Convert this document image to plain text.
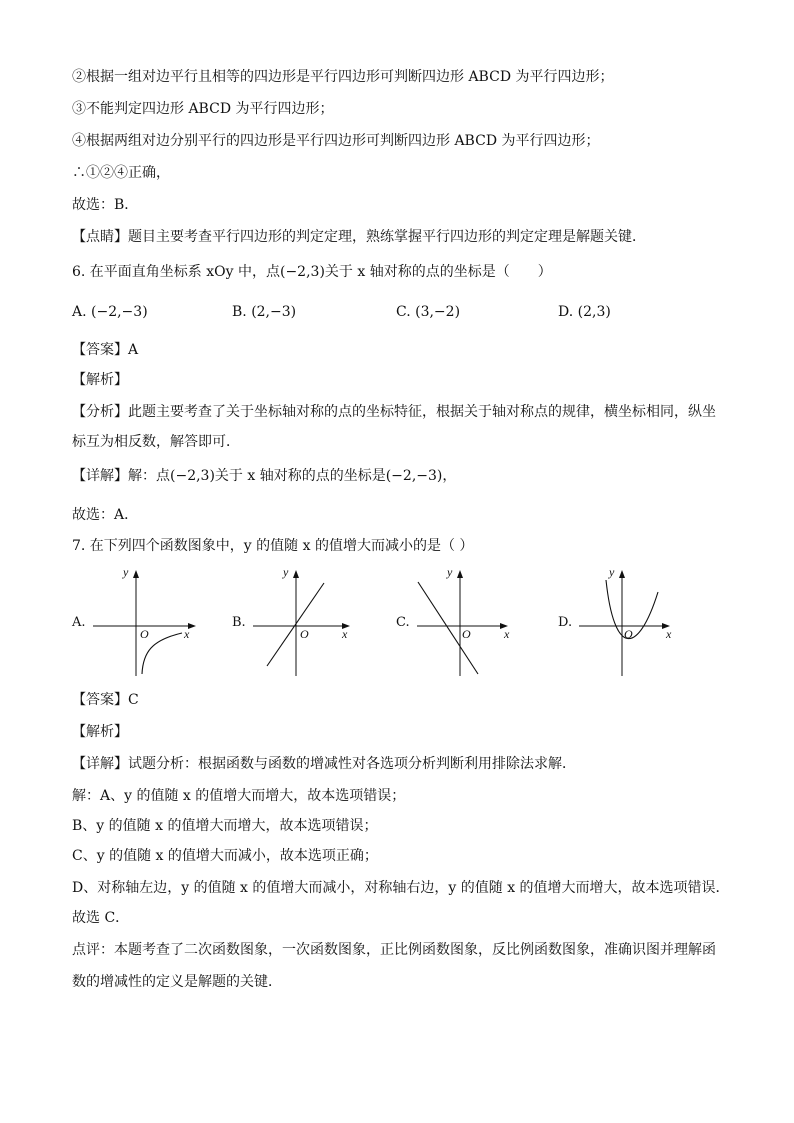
②根据一组对边平行且相等的四边形是平行四边形可判断四边形 ABCD 为平行四边形；
③不能判定四边形 ABCD 为平行四边形；
④根据两组对边分别平行的四边形是平行四边形可判断四边形 ABCD 为平行四边形；
∴①②④正确，
故选：B．
【点睛】题目主要考查平行四边形的判定定理，熟练掌握平行四边形的判定定理是解题关键．
6. 在平面直角坐标系 xOy 中，点(−2,3)关于 x 轴对称的点的坐标是（　　）
A. (−2,−3)	B. (2,−3)	C. (3,−2)	D. (2,3)
【答案】A
【解析】
【分析】此题主要考查了关于坐标轴对称的点的坐标特征，根据关于轴对称点的规律，横坐标相同，纵坐
标互为相反数，解答即可．
【详解】解：点(−2,3)关于 x 轴对称的点的坐标是(−2,−3)，
故选：A．
7. 在下列四个函数图象中，y 的值随 x 的值增大而减小的是（ ）
A.
y
O	x
B.
y
O	x
C.
y
O	x
D.
y
O	x
【答案】C
【解析】
【详解】试题分析：根据函数与函数的增减性对各选项分析判断利用排除法求解．
解：A、y 的值随 x 的值增大而增大，故本选项错误；
B、y 的值随 x 的值增大而增大，故本选项错误；
C、y 的值随 x 的值增大而减小，故本选项正确；
D、对称轴左边，y 的值随 x 的值增大而减小，对称轴右边，y 的值随 x 的值增大而增大，故本选项错误．
故选 C．
点评：本题考查了二次函数图象，一次函数图象，正比例函数图象，反比例函数图象，准确识图并理解函
数的增减性的定义是解题的关键．
